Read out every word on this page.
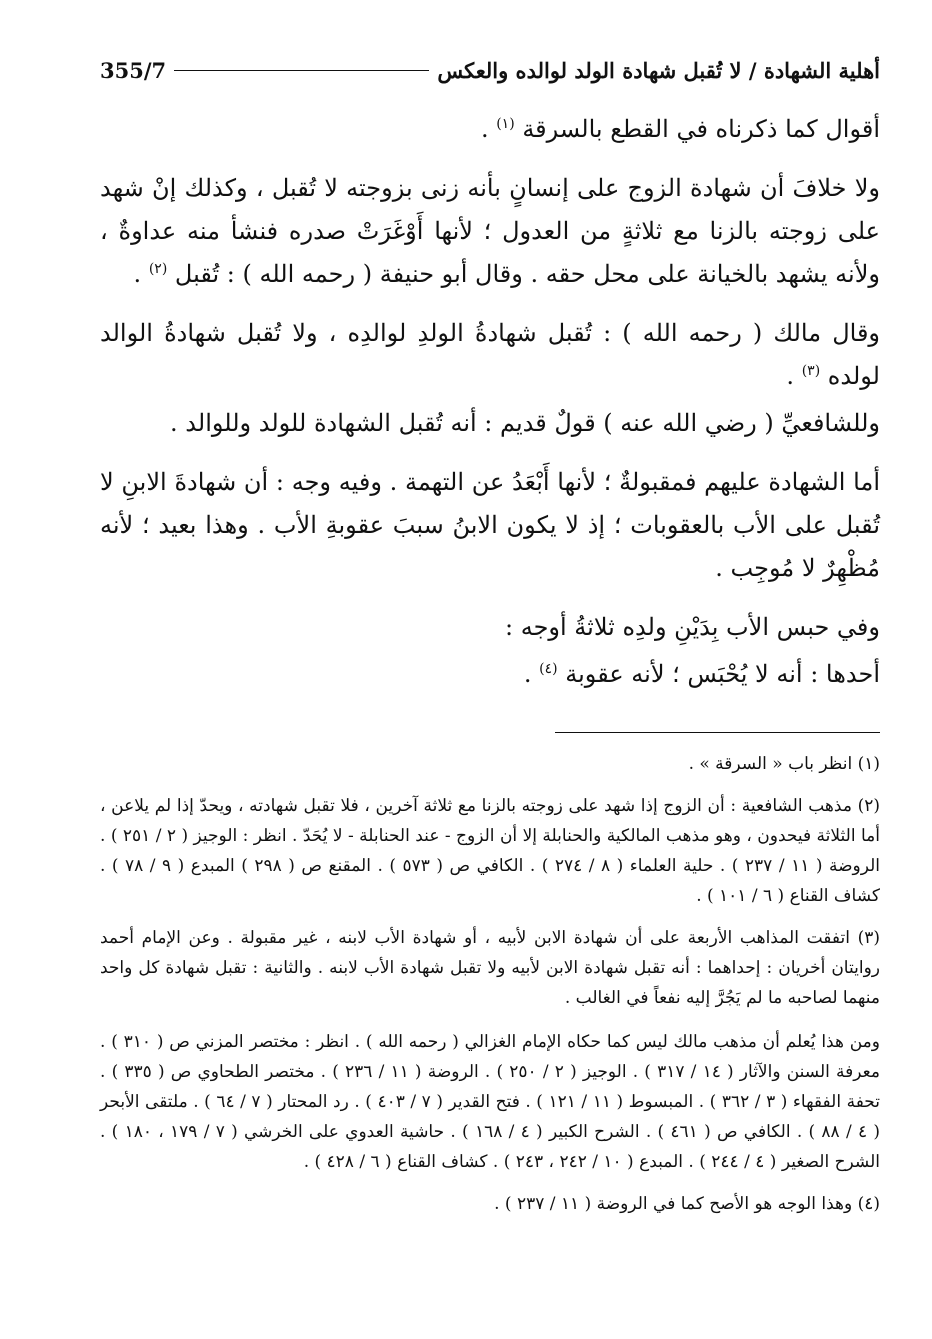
أهلية الشهادة / لا تُقبل شهادة الولد لوالده والعكس
355/7

أقوال كما ذكرناه في القطع بالسرقة $^{(١)}$ .

ولا خلافَ أن شهادة الزوج على إنسانٍ بأنه زنى بزوجته لا تُقبل ، وكذلك إنْ شهد على زوجته بالزنا مع ثلاثةٍ من العدول ؛ لأنها أَوْغَرَتْ صدره فنشأ منه عداوةٌ ، ولأنه يشهد بالخيانة على محل حقه . وقال أبو حنيفة ( رحمه الله ) : تُقبل $^{(٢)}$ .

وقال مالك ( رحمه الله ) : تُقبل شهادةُ الولدِ لوالدِه ، ولا تُقبل شهادةُ الوالد لولده $^{(٣)}$ .

وللشافعيِّ ( رضي الله عنه ) قولٌ قديم : أنه تُقبل الشهادة للولد وللوالد .

أما الشهادة عليهم فمقبولةٌ ؛ لأنها أَبْعَدُ عن التهمة . وفيه وجه : أن شهادةَ الابنِ لا تُقبل على الأب بالعقوبات ؛ إذ لا يكون الابنُ سببَ عقوبةِ الأب . وهذا بعيد ؛ لأنه مُظْهِرٌ لا مُوجِب .

وفي حبس الأب بِدَيْنِ ولدِه ثلاثةُ أوجه :

أحدها : أنه لا يُحْبَس ؛ لأنه عقوبة $^{(٤)}$ .

(١) انظر باب « السرقة » .

(٢) مذهب الشافعية : أن الزوج إذا شهد على زوجته بالزنا مع ثلاثة آخرين ، فلا تقبل شهادته ، ويحدّ إذا لم يلاعن ، أما الثلاثة فيحدون ، وهو مذهب المالكية والحنابلة إلا أن الزوج - عند الحنابلة - لا يُحَدّ . انظر : الوجيز ( ٢ / ٢٥١ ) . الروضة ( ١١ / ٢٣٧ ) . حلية العلماء ( ٨ / ٢٧٤ ) . الكافي ص ( ٥٧٣ ) . المقنع ص ( ٢٩٨ ) المبدع ( ٩ / ٧٨ ) . كشاف القناع ( ٦ / ١٠١ ) .

(٣) اتفقت المذاهب الأربعة على أن شهادة الابن لأبيه ، أو شهادة الأب لابنه ، غير مقبولة . وعن الإمام أحمد روايتان أخريان : إحداهما : أنه تقبل شهادة الابن لأبيه ولا تقبل شهادة الأب لابنه . والثانية : تقبل شهادة كل واحد منهما لصاحبه ما لم يَجُرَّ إليه نفعاً في الغالب .

ومن هذا يُعلم أن مذهب مالك ليس كما حكاه الإمام الغزالي ( رحمه الله ) . انظر : مختصر المزني ص ( ٣١٠ ) . معرفة السنن والآثار ( ١٤ / ٣١٧ ) . الوجيز ( ٢ / ٢٥٠ ) . الروضة ( ١١ / ٢٣٦ ) . مختصر الطحاوي ص ( ٣٣٥ ) . تحفة الفقهاء ( ٣ / ٣٦٢ ) . المبسوط ( ١١ / ١٢١ ) . فتح القدير ( ٧ / ٤٠٣ ) . رد المحتار ( ٧ / ٦٤ ) . ملتقى الأبحر ( ٤ / ٨٨ ) . الكافي ص ( ٤٦١ ) . الشرح الكبير ( ٤ / ١٦٨ ) . حاشية العدوي على الخرشي ( ٧ / ١٧٩ ، ١٨٠ ) . الشرح الصغير ( ٤ / ٢٤٤ ) . المبدع ( ١٠ / ٢٤٢ ، ٢٤٣ ) . كشاف القناع ( ٦ / ٤٢٨ ) .

(٤) وهذا الوجه هو الأصح كما في الروضة ( ١١ / ٢٣٧ ) .
